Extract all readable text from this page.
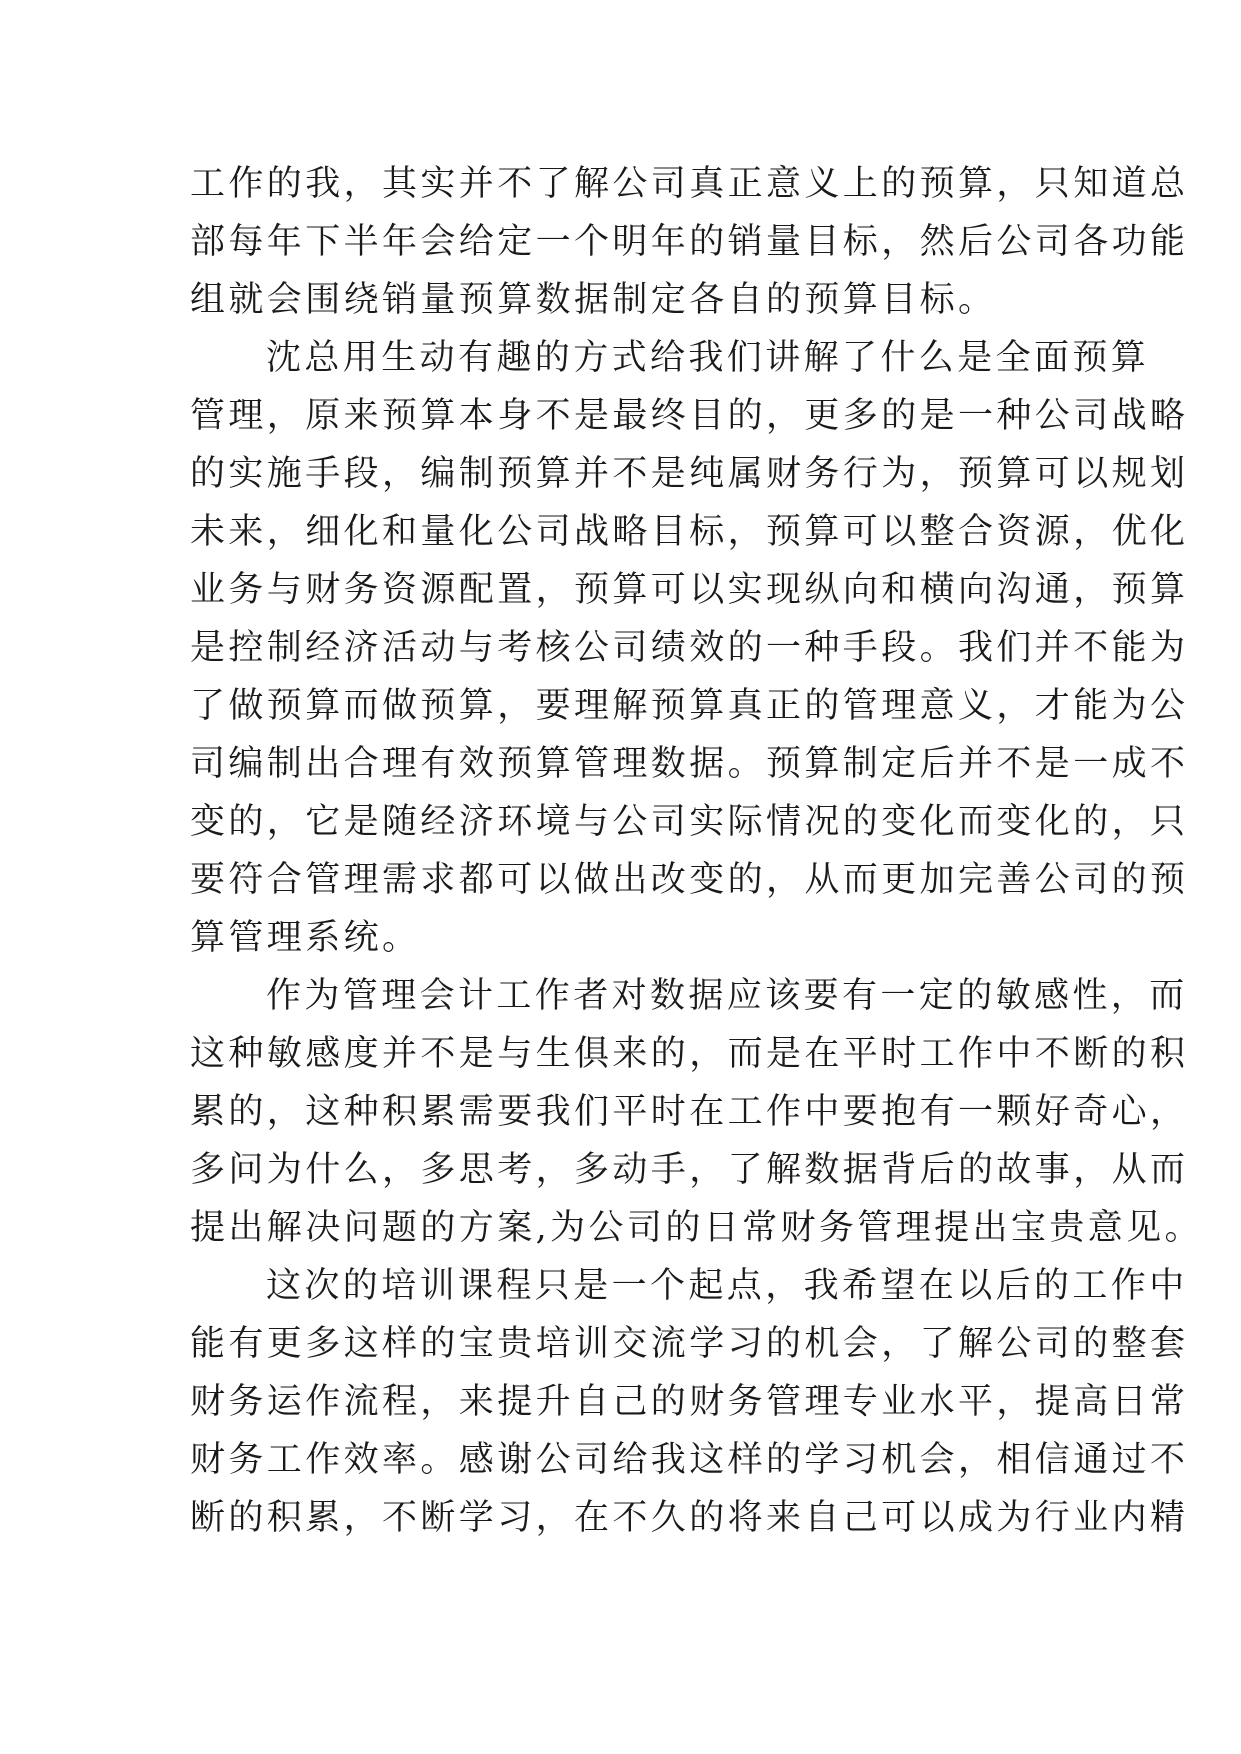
工作的我，其实并不了解公司真正意义上的预算，只知道总
部每年下半年会给定一个明年的销量目标，然后公司各功能
组就会围绕销量预算数据制定各自的预算目标。
沈总用生动有趣的方式给我们讲解了什么是全面预算
管理，原来预算本身不是最终目的，更多的是一种公司战略
的实施手段，编制预算并不是纯属财务行为，预算可以规划
未来，细化和量化公司战略目标，预算可以整合资源，优化
业务与财务资源配置，预算可以实现纵向和横向沟通，预算
是控制经济活动与考核公司绩效的一种手段。我们并不能为
了做预算而做预算，要理解预算真正的管理意义，才能为公
司编制出合理有效预算管理数据。预算制定后并不是一成不
变的，它是随经济环境与公司实际情况的变化而变化的，只
要符合管理需求都可以做出改变的，从而更加完善公司的预
算管理系统。
作为管理会计工作者对数据应该要有一定的敏感性，而
这种敏感度并不是与生俱来的，而是在平时工作中不断的积
累的，这种积累需要我们平时在工作中要抱有一颗好奇心，
多问为什么，多思考，多动手，了解数据背后的故事，从而
提出解决问题的方案,为公司的日常财务管理提出宝贵意见。
这次的培训课程只是一个起点，我希望在以后的工作中
能有更多这样的宝贵培训交流学习的机会，了解公司的整套
财务运作流程，来提升自己的财务管理专业水平，提高日常
财务工作效率。感谢公司给我这样的学习机会，相信通过不
断的积累，不断学习，在不久的将来自己可以成为行业内精
